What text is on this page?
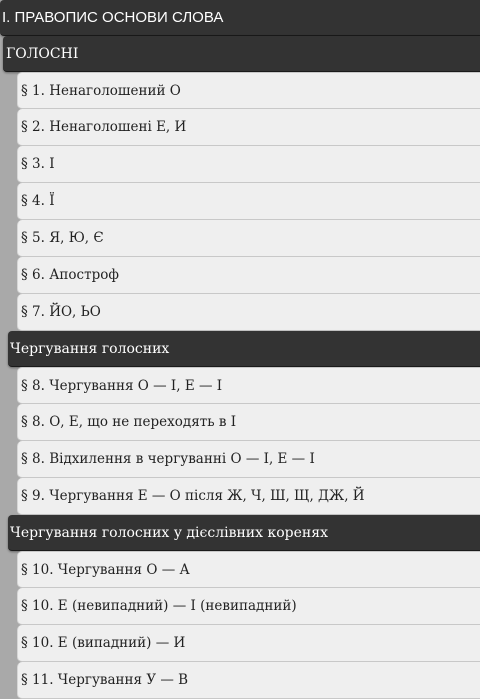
I. ПРАВОПИС ОСНОВИ СЛОВА
ГОЛОСНІ
§ 1. Ненаголошений О
§ 2. Ненаголошені Е, И
§ 3. І
§ 4. Ї
§ 5. Я, Ю, Є
§ 6. Апостроф
§ 7. ЙО, ЬО
Чергування голосних
§ 8. Чергування О — І, Е — І
§ 8. О, Е, що не переходять в І
§ 8. Відхилення в чергуванні О — І, Е — І
§ 9. Чергування Е — О після Ж, Ч, Ш, Щ, ДЖ, Й
Чергування голосних у дієслівних коренях
§ 10. Чергування О — А
§ 10. Е (невипадний) — І (невипадний)
§ 10. Е (випадний) — И
§ 11. Чергування У — В
